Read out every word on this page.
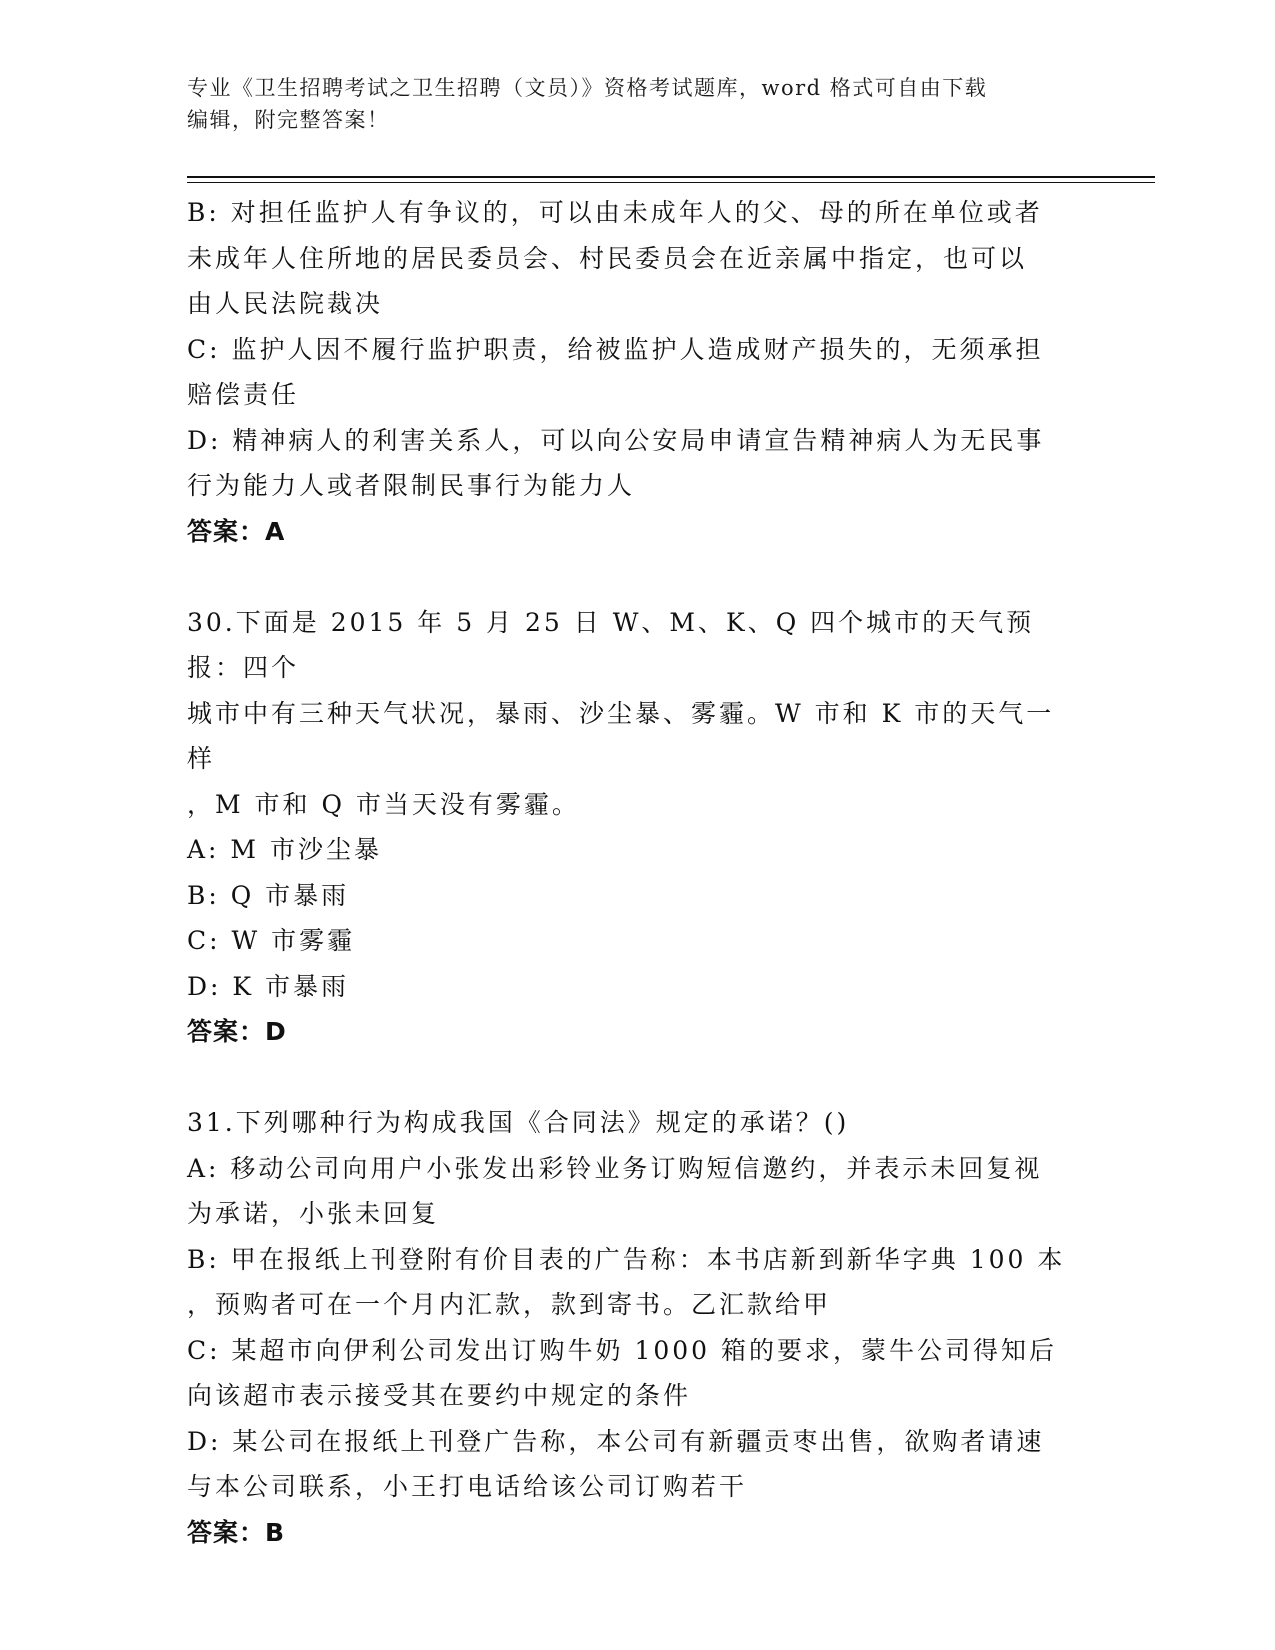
专业《卫生招聘考试之卫生招聘（文员）》资格考试题库，word 格式可自由下载

编辑，附完整答案！

B: 对担任监护人有争议的，可以由未成年人的父、母的所在单位或者

未成年人住所地的居民委员会、村民委员会在近亲属中指定，也可以

由人民法院裁决

C: 监护人因不履行监护职责，给被监护人造成财产损失的，无须承担

赔偿责任

D: 精神病人的利害关系人，可以向公安局申请宣告精神病人为无民事

行为能力人或者限制民事行为能力人

答案：A

30.下面是 2015 年 5 月 25 日 W、M、K、Q 四个城市的天气预报：四个

城市中有三种天气状况，暴雨、沙尘暴、雾霾。W 市和 K 市的天气一样

，M 市和 Q 市当天没有雾霾。

A: M 市沙尘暴

B: Q 市暴雨

C: W 市雾霾

D: K 市暴雨

答案：D

31.下列哪种行为构成我国《合同法》规定的承诺？()

A: 移动公司向用户小张发出彩铃业务订购短信邀约，并表示未回复视

为承诺，小张未回复

B: 甲在报纸上刊登附有价目表的广告称：本书店新到新华字典 100 本

，预购者可在一个月内汇款，款到寄书。乙汇款给甲

C: 某超市向伊利公司发出订购牛奶 1000 箱的要求，蒙牛公司得知后

向该超市表示接受其在要约中规定的条件

D: 某公司在报纸上刊登广告称，本公司有新疆贡枣出售，欲购者请速

与本公司联系，小王打电话给该公司订购若干

答案：B
